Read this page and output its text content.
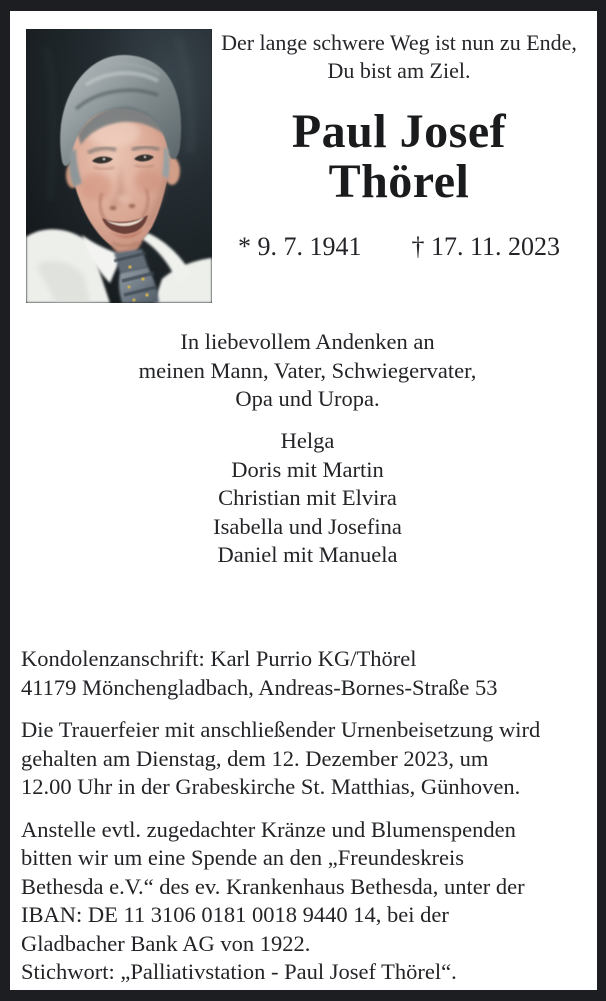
Der lange schwere Weg ist nun zu Ende,
Du bist am Ziel.
Paul Josef
Thörel
* 9. 7. 1941 † 17. 11. 2023
In liebevollem Andenken an
meinen Mann, Vater, Schwiegervater,
Opa und Uropa.
Helga
Doris mit Martin
Christian mit Elvira
Isabella und Josefina
Daniel mit Manuela
Kondolenzanschrift: Karl Purrio KG/Thörel
41179 Mönchengladbach, Andreas-Bornes-Straße 53
Die Trauerfeier mit anschließender Urnenbeisetzung wird
gehalten am Dienstag, dem 12. Dezember 2023, um
12.00 Uhr in der Grabeskirche St. Matthias, Günhoven.
Anstelle evtl. zugedachter Kränze und Blumenspenden
bitten wir um eine Spende an den „Freundeskreis
Bethesda e.V.“ des ev. Krankenhaus Bethesda, unter der
IBAN: DE 11 3106 0181 0018 9440 14, bei der
Gladbacher Bank AG von 1922.
Stichwort: „Palliativstation - Paul Josef Thörel“.
